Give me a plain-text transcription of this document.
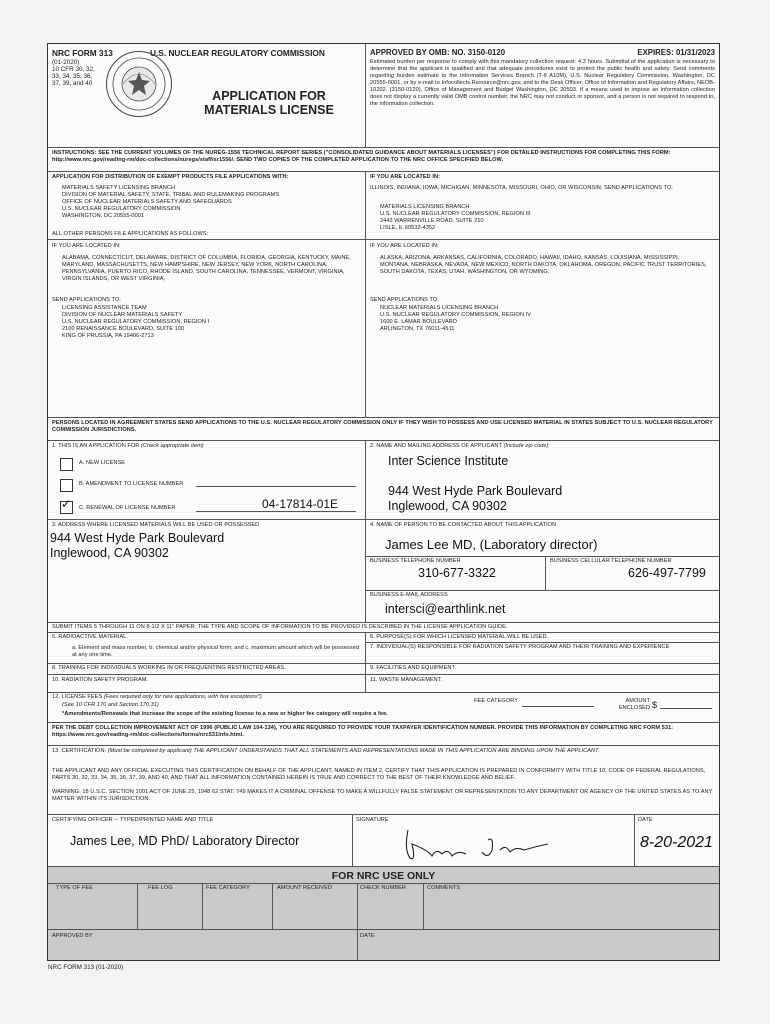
NRC FORM 313
(01-2020)
10 CFR 30, 32,
33, 34, 35, 36,
37, 39, and 40
U.S. NUCLEAR REGULATORY COMMISSION
APPLICATION FOR
MATERIALS LICENSE
APPROVED BY OMB: NO. 3150-0120	EXPIRES: 01/31/2023
Estimated burden per response to comply with this mandatory collection request: 4.3 hours. Submittal of the application is necessary to determine that the applicant is qualified and that adequate procedures exist to protect the public health and safety. Send comments regarding burden estimate to the Information Services Branch (T-6 A10M), U.S. Nuclear Regulatory Commission, Washington, DC 20555-0001, or by e-mail to Infocollects.Resource@nrc.gov, and to the Desk Officer, Office of Information and Regulatory Affairs, NEOB-10202, (3150-0120), Office of Management and Budget Washington, DC 20503. If a means used to impose an information collection does not display a currently valid OMB control number, the NRC may not conduct or sponsor, and a person is not required to respond to, the information collection.
INSTRUCTIONS: SEE THE CURRENT VOLUMES OF THE NUREG-1556 TECHNICAL REPORT SERIES ("CONSOLIDATED GUIDANCE ABOUT MATERIALS LICENSES") FOR DETAILED INSTRUCTIONS FOR COMPLETING THIS FORM: http://www.nrc.gov/reading-rm/doc-collections/nuregs/staff/sr1556/. SEND TWO COPIES OF THE COMPLETED APPLICATION TO THE NRC OFFICE SPECIFIED BELOW.
APPLICATION FOR DISTRIBUTION OF EXEMPT PRODUCTS FILE APPLICATIONS WITH:
MATERIALS SAFETY LICENSING BRANCH
DIVISION OF MATERIAL SAFETY, STATE, TRIBAL AND RULEMAKING PROGRAMS
OFFICE OF NUCLEAR MATERIALS SAFETY AND SAFEGUARDS
U.S. NUCLEAR REGULATORY COMMISSION
WASHINGTON, DC 20555-0001
ALL OTHER PERSONS FILE APPLICATIONS AS FOLLOWS:
IF YOU ARE LOCATED IN:
ILLINOIS, INDIANA, IOWA, MICHIGAN, MINNESOTA, MISSOURI, OHIO, OR WISCONSIN, SEND APPLICATIONS TO:
MATERIALS LICENSING BRANCH
U.S. NUCLEAR REGULATORY COMMISSION, REGION III
2443 WARRENVILLE ROAD, SUITE 210
LISLE, IL 60532-4352
IF YOU ARE LOCATED IN:
ALABAMA, CONNECTICUT, DELAWARE, DISTRICT OF COLUMBIA, FLORIDA, GEORGIA, KENTUCKY, MAINE, MARYLAND, MASSACHUSETTS, NEW HAMPSHIRE, NEW JERSEY, NEW YORK, NORTH CAROLINA, PENNSYLVANIA, PUERTO RICO, RHODE ISLAND, SOUTH CAROLINA, TENNESSEE, VERMONT, VIRGINIA, VIRGIN ISLANDS, OR WEST VIRGINIA,
SEND APPLICATIONS TO:
LICENSING ASSISTANCE TEAM
DIVISION OF NUCLEAR MATERIALS SAFETY
U.S. NUCLEAR REGULATORY COMMISSION, REGION I
2100 RENAISSANCE BOULEVARD, SUITE 100
KING OF PRUSSIA, PA 19406-2713
IF YOU ARE LOCATED IN:
ALASKA, ARIZONA, ARKANSAS, CALIFORNIA, COLORADO, HAWAII, IDAHO, KANSAS, LOUISIANA, MISSISSIPPI, MONTANA, NEBRASKA, NEVADA, NEW MEXICO, NORTH DAKOTA, OKLAHOMA, OREGON, PACIFIC TRUST TERRITORIES, SOUTH DAKOTA, TEXAS, UTAH, WASHINGTON, OR WYOMING,
SEND APPLICATIONS TO:
NUCLEAR MATERIALS LICENSING BRANCH
U.S. NUCLEAR REGULATORY COMMISSION, REGION IV
1600 E. LAMAR BOULEVARD
ARLINGTON, TX 76011-4511
PERSONS LOCATED IN AGREEMENT STATES SEND APPLICATIONS TO THE U.S. NUCLEAR REGULATORY COMMISSION ONLY IF THEY WISH TO POSSESS AND USE LICENSED MATERIAL IN STATES SUBJECT TO U.S. NUCLEAR REGULATORY COMMISSION JURISDICTIONS.
1. THIS IS AN APPLICATION FOR (Check appropriate item)
A. NEW LICENSE
B. AMENDMENT TO LICENSE NUMBER
✓ C. RENEWAL OF LICENSE NUMBER	04-17814-01E
2. NAME AND MAILING ADDRESS OF APPLICANT (Include zip code)
Inter Science Institute
944 West Hyde Park Boulevard
Inglewood, CA 90302
3. ADDRESS WHERE LICENSED MATERIALS WILL BE USED OR POSSESSED
944 West Hyde Park Boulevard
Inglewood, CA 90302
4. NAME OF PERSON TO BE CONTACTED ABOUT THIS APPLICATION
James Lee MD, (Laboratory director)
BUSINESS TELEPHONE NUMBER
310-677-3322
BUSINESS CELLULAR TELEPHONE NUMBER
626-497-7799
BUSINESS E-MAIL ADDRESS
intersci@earthlink.net
SUBMIT ITEMS 5 THROUGH 11 ON 8-1/2 X 11" PAPER. THE TYPE AND SCOPE OF INFORMATION TO BE PROVIDED IS DESCRIBED IN THE LICENSE APPLICATION GUIDE.
5. RADIOACTIVE MATERIAL
a. Element and mass number, b. chemical and/or physical form; and c. maximum amount which will be possessed at any one time.
6. PURPOSE(S) FOR WHICH LICENSED MATERIAL WILL BE USED.
7. INDIVIDUAL(S) RESPONSIBLE FOR RADIATION SAFETY PROGRAM AND THEIR TRAINING AND EXPERIENCE
8. TRAINING FOR INDIVIDUALS WORKING IN OR FREQUENTING RESTRICTED AREAS.	9. FACILITIES AND EQUIPMENT.
10. RADIATION SAFETY PROGRAM.	11. WASTE MANAGEMENT.
12. LICENSE FEES (Fees required only for new applications, with few exceptions*)
(See 10 CFR 170 and Section 170.31)
*Amendments/Renewals that increase the scope of the existing license to a new or higher fee category will require a fee.
FEE CATEGORY	AMOUNT ENCLOSED $
PER THE DEBT COLLECTION IMPROVEMENT ACT OF 1996 (PUBLIC LAW 104-134), YOU ARE REQUIRED TO PROVIDE YOUR TAXPAYER IDENTIFICATION NUMBER. PROVIDE THIS INFORMATION BY COMPLETING NRC FORM 531: https://www.nrc.gov/reading-rm/doc-collections/forms/nrc531info.html.
13. CERTIFICATION. (Must be completed by applicant) THE APPLICANT UNDERSTANDS THAT ALL STATEMENTS AND REPRESENTATIONS MADE IN THIS APPLICATION ARE BINDING UPON THE APPLICANT.
THE APPLICANT AND ANY OFFICIAL EXECUTING THIS CERTIFICATION ON BEHALF OF THE APPLICANT, NAMED IN ITEM 2, CERTIFY THAT THIS APPLICATION IS PREPARED IN CONFORMITY WITH TITLE 10, CODE OF FEDERAL REGULATIONS, PARTS 30, 32, 33, 34, 35, 36, 37, 39, AND 40, AND THAT ALL INFORMATION CONTAINED HEREIN IS TRUE AND CORRECT TO THE BEST OF THEIR KNOWLEDGE AND BELIEF.
WARNING: 18 U.S.C. SECTION 1001 ACT OF JUNE 25, 1948 62 STAT. 749 MAKES IT A CRIMINAL OFFENSE TO MAKE A WILLFULLY FALSE STATEMENT OR REPRESENTATION TO ANY DEPARTMENT OR AGENCY OF THE UNITED STATES AS TO ANY MATTER WITHIN ITS JURISDICTION.
CERTIFYING OFFICER -- TYPED/PRINTED NAME AND TITLE
James Lee, MD PhD/ Laboratory Director
SIGNATURE	DATE
8-20-2021
FOR NRC USE ONLY
TYPE OF FEE	FEE LOG	FEE CATEGORY	AMOUNT RECEIVED	CHECK NUMBER	COMMENTS
APPROVED BY	DATE
NRC FORM 313 (01-2020)
